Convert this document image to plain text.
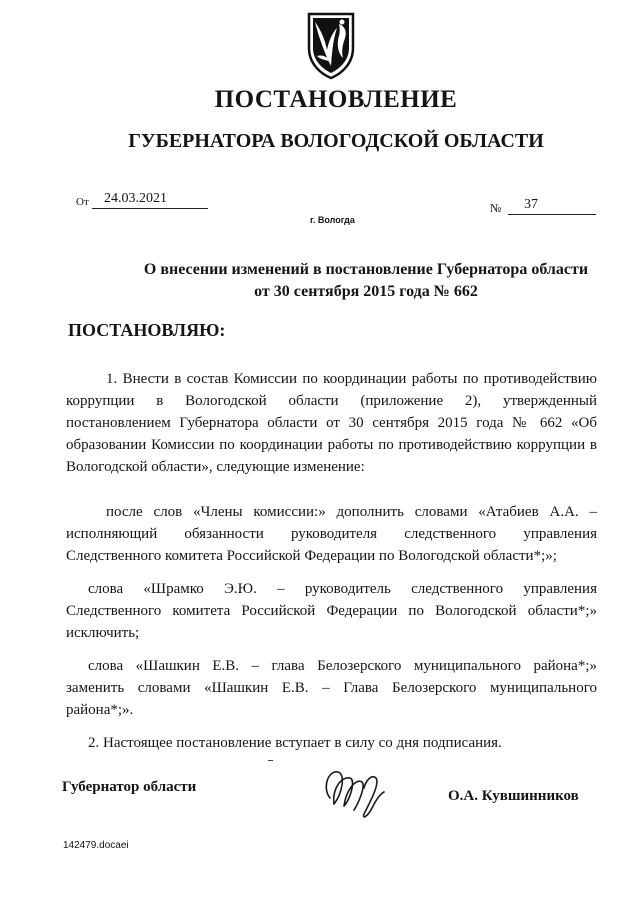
ПОСТАНОВЛЕНИЕ
ГУБЕРНАТОРА ВОЛОГОДСКОЙ ОБЛАСТИ
От	24.03.2021
г. Вологда
№	37
О внесении изменений в постановление Губернатора области
от 30 сентября 2015 года № 662
ПОСТАНОВЛЯЮ:
1. Внести в состав Комиссии по координации работы по противодействию коррупции в Вологодской области (приложение 2), утвержденный постановлением Губернатора области от 30 сентября 2015 года № 662 «Об образовании Комиссии по координации работы по противодействию коррупции в Вологодской области», следующие изменение:
после слов «Члены комиссии:» дополнить словами «Атабиев А.А. – исполняющий обязанности руководителя следственного управления Следственного комитета Российской Федерации по Вологодской области*;»;
слова «Шрамко Э.Ю. – руководитель следственного управления Следственного комитета Российской Федерации по Вологодской области*;» исключить;
слова «Шашкин Е.В. – глава Белозерского муниципального района*;» заменить словами «Шашкин Е.В. – Глава Белозерского муниципального района*;».
2. Настоящее постановление вступает в силу со дня подписания.
Губернатор области
О.А. Кувшинников
142479.docaei
